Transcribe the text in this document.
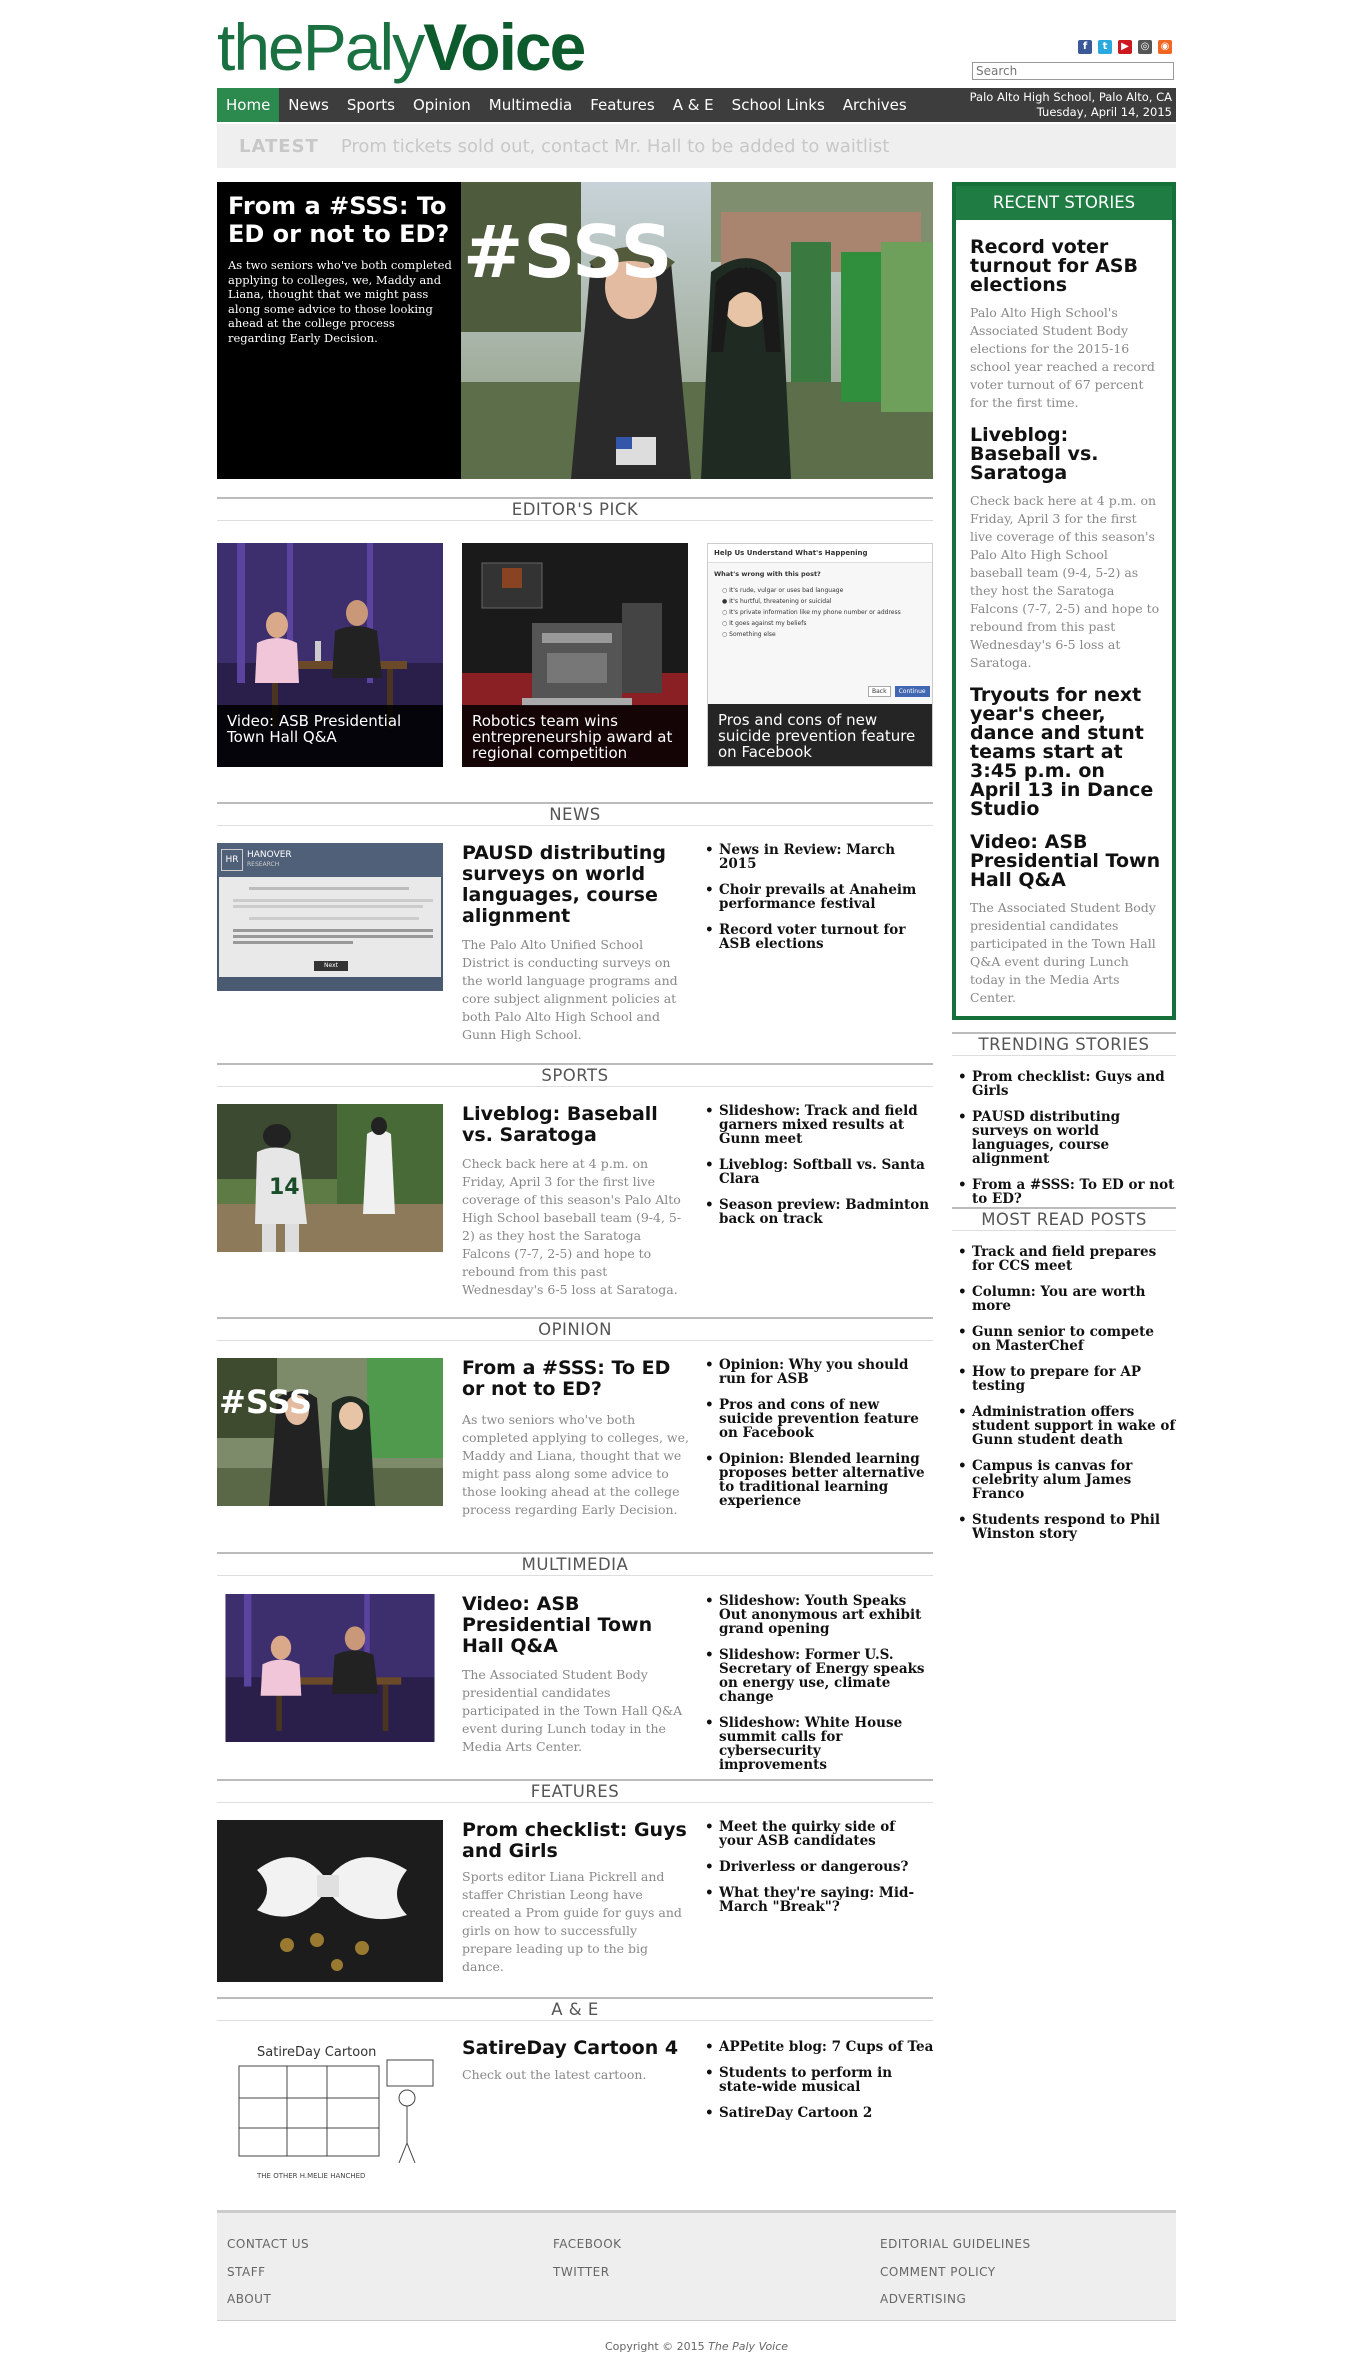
thePalyVoice	f	t	▶	◎ ◉
Search
Home	News	Sports	Opinion	Multimedia	Features	A & E	School Links	Archives	Palo Alto High School, Palo Alto, CA
Tuesday, April 14, 2015
LATEST Prom tickets sold out, contact Mr. Hall to be added to waitlist
From a #SSS: To ED or not to ED?

As two seniors who've both completed applying to colleges, we, Maddy and Liana, thought that we might pass along some advice to those looking ahead at the college process regarding Early Decision.

#SSS
RECENT STORIES
Record voter turnout for ASB elections

Palo Alto High School's Associated Student Body elections for the 2015-16 school year reached a record voter turnout of 67 percent for the first time.

Liveblog: Baseball vs. Saratoga

Check back here at 4 p.m. on Friday, April 3 for the first live coverage of this season's Palo Alto High School baseball team (9-4, 5-2) as they host the Saratoga Falcons (7-7, 2-5) and hope to rebound from this past Wednesday's 6-5 loss at Saratoga.

Tryouts for next year's cheer, dance and stunt teams start at 3:45 p.m. on April 13 in Dance Studio
Video: ASB Presidential Town Hall Q&A

The Associated Student Body presidential candidates participated in the Town Hall Q&A event during Lunch today in the Media Arts Center.

TRENDING STORIES
• Prom checklist: Guys and Girls
• PAUSD distributing surveys on world languages, course alignment
• From a #SSS: To ED or not to ED?
MOST READ POSTS
• Track and field prepares for CCS meet
• Column: You are worth more
• Gunn senior to compete on MasterChef
• How to prepare for AP testing
• Administration offers student support in wake of Gunn student death
• Campus is canvas for celebrity alum James Franco
• Students respond to Phil Winston story
EDITOR'S PICK
Video: ASB Presidential Town Hall Q&A
Robotics team wins entrepreneurship award at regional competition
Help Us Understand What's Happening
What's wrong with this post?
○ It's rude, vulgar or uses bad language
● It's hurtful, threatening or suicidal
○ It's private information like my phone number or address
○ It goes against my beliefs
○ Something else
Back	Continue
Pros and cons of new suicide prevention feature on Facebook
NEWS
HR HANOVER
RESEARCH
Next
PAUSD distributing surveys on world languages, course alignment
The Palo Alto Unified School District is conducting surveys on the world language programs and core subject alignment policies at both Palo Alto High School and Gunn High School.
• News in Review: March 2015
• Choir prevails at Anaheim performance festival
• Record voter turnout for ASB elections
SPORTS
14
Liveblog: Baseball vs. Saratoga
Check back here at 4 p.m. on Friday, April 3 for the first live coverage of this season's Palo Alto High School baseball team (9-4, 5-2) as they host the Saratoga Falcons (7-7, 2-5) and hope to rebound from this past Wednesday's 6-5 loss at Saratoga.
• Slideshow: Track and field garners mixed results at Gunn meet
• Liveblog: Softball vs. Santa Clara
• Season preview: Badminton back on track
OPINION
#SSS
From a #SSS: To ED or not to ED?
As two seniors who've both completed applying to colleges, we, Maddy and Liana, thought that we might pass along some advice to those looking ahead at the college process regarding Early Decision.
• Opinion: Why you should run for ASB
• Pros and cons of new suicide prevention feature on Facebook
• Opinion: Blended learning proposes better alternative to traditional learning experience
MULTIMEDIA
Video: ASB Presidential Town Hall Q&A
The Associated Student Body presidential candidates participated in the Town Hall Q&A event during Lunch today in the Media Arts Center.
• Slideshow: Youth Speaks Out anonymous art exhibit grand opening
• Slideshow: Former U.S. Secretary of Energy speaks on energy use, climate change
• Slideshow: White House summit calls for cybersecurity improvements
FEATURES
Prom checklist: Guys and Girls
Sports editor Liana Pickrell and staffer Christian Leong have created a Prom guide for guys and girls on how to successfully prepare leading up to the big dance.
• Meet the quirky side of your ASB candidates
• Driverless or dangerous?
• What they're saying: Mid-March "Break"?
A & E
SatireDay Cartoon
THE OTHER H.MELIE HANCHED
SatireDay Cartoon 4
Check out the latest cartoon.
• APPetite blog: 7 Cups of Tea
• Students to perform in state-wide musical
• SatireDay Cartoon 2
CONTACT US
STAFF
ABOUT
FACEBOOK
TWITTER
EDITORIAL GUIDELINES
COMMENT POLICY
ADVERTISING
Copyright © 2015 The Paly Voice
